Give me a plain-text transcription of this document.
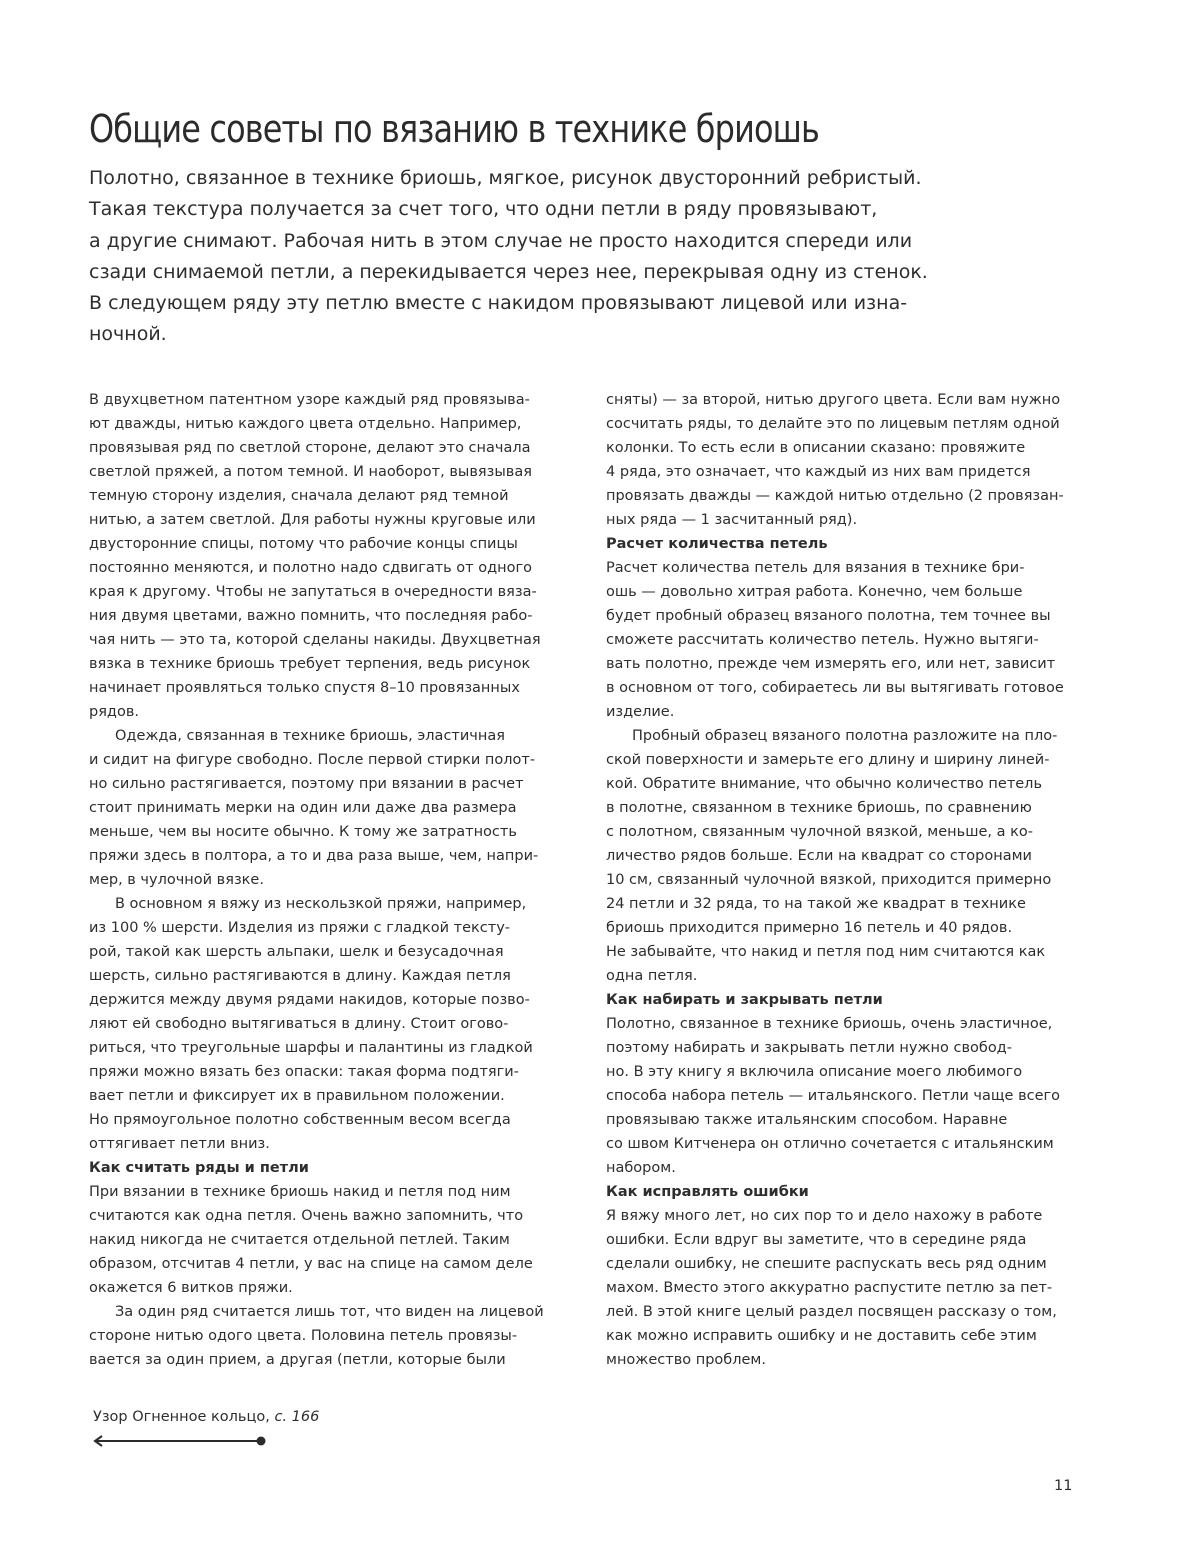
Общие советы по вязанию в технике бриошь
Полотно, связанное в технике бриошь, мягкое, рисунок двусторонний ребристый.
Такая текстура получается за счет того, что одни петли в ряду провязывают,
а другие снимают. Рабочая нить в этом случае не просто находится спереди или
сзади снимаемой петли, а перекидывается через нее, перекрывая одну из стенок.
В следующем ряду эту петлю вместе с накидом провязывают лицевой или изна-
ночной.
В двухцветном патентном узоре каждый ряд провязыва-
ют дважды, нитью каждого цвета отдельно. Например,
провязывая ряд по светлой стороне, делают это сначала
светлой пряжей, а потом темной. И наоборот, вывязывая
темную сторону изделия, сначала делают ряд темной
нитью, а затем светлой. Для работы нужны круговые или
двусторонние спицы, потому что рабочие концы спицы
постоянно меняются, и полотно надо сдвигать от одного
края к другому. Чтобы не запутаться в очередности вяза-
ния двумя цветами, важно помнить, что последняя рабо-
чая нить — это та, которой сделаны накиды. Двухцветная
вязка в технике бриошь требует терпения, ведь рисунок
начинает проявляться только спустя 8–10 провязанных
рядов.
Одежда, связанная в технике бриошь, эластичная
и сидит на фигуре свободно. После первой стирки полот-
но сильно растягивается, поэтому при вязании в расчет
стоит принимать мерки на один или даже два размера
меньше, чем вы носите обычно. К тому же затратность
пряжи здесь в полтора, а то и два раза выше, чем, напри-
мер, в чулочной вязке.
В основном я вяжу из нескользкой пряжи, например,
из 100 % шерсти. Изделия из пряжи с гладкой тексту-
рой, такой как шерсть альпаки, шелк и безусадочная
шерсть, сильно растягиваются в длину. Каждая петля
держится между двумя рядами накидов, которые позво-
ляют ей свободно вытягиваться в длину. Стоит огово-
риться, что треугольные шарфы и палантины из гладкой
пряжи можно вязать без опаски: такая форма подтяги-
вает петли и фиксирует их в правильном положении.
Но прямоугольное полотно собственным весом всегда
оттягивает петли вниз.
Как считать ряды и петли
При вязании в технике бриошь накид и петля под ним
считаются как одна петля. Очень важно запомнить, что
накид никогда не считается отдельной петлей. Таким
образом, отсчитав 4 петли, у вас на спице на самом деле
окажется 6 витков пряжи.
За один ряд считается лишь тот, что виден на лицевой
стороне нитью одого цвета. Половина петель провязы-
вается за один прием, а другая (петли, которые были
сняты) — за второй, нитью другого цвета. Если вам нужно
сосчитать ряды, то делайте это по лицевым петлям одной
колонки. То есть если в описании сказано: провяжите
4 ряда, это означает, что каждый из них вам придется
провязать дважды — каждой нитью отдельно (2 провязан-
ных ряда — 1 засчитанный ряд).
Расчет количества петель
Расчет количества петель для вязания в технике бри-
ошь — довольно хитрая работа. Конечно, чем больше
будет пробный образец вязаного полотна, тем точнее вы
сможете рассчитать количество петель. Нужно вытяги-
вать полотно, прежде чем измерять его, или нет, зависит
в основном от того, собираетесь ли вы вытягивать готовое
изделие.
Пробный образец вязаного полотна разложите на пло-
ской поверхности и замерьте его длину и ширину линей-
кой. Обратите внимание, что обычно количество петель
в полотне, связанном в технике бриошь, по сравнению
с полотном, связанным чулочной вязкой, меньше, а ко-
личество рядов больше. Если на квадрат со сторонами
10 см, связанный чулочной вязкой, приходится примерно
24 петли и 32 ряда, то на такой же квадрат в технике
бриошь приходится примерно 16 петель и 40 рядов.
Не забывайте, что накид и петля под ним считаются как
одна петля.
Как набирать и закрывать петли
Полотно, связанное в технике бриошь, очень эластичное,
поэтому набирать и закрывать петли нужно свобод-
но. В эту книгу я включила описание моего любимого
способа набора петель — итальянского. Петли чаще всего
провязываю также итальянским способом. Наравне
со швом Китченера он отлично сочетается с итальянским
набором.
Как исправлять ошибки
Я вяжу много лет, но сих пор то и дело нахожу в работе
ошибки. Если вдруг вы заметите, что в середине ряда
сделали ошибку, не спешите распускать весь ряд одним
махом. Вместо этого аккуратно распустите петлю за пет-
лей. В этой книге целый раздел посвящен рассказу о том,
как можно исправить ошибку и не доставить себе этим
множество проблем.
Узор Огненное кольцо, с. 166
11
